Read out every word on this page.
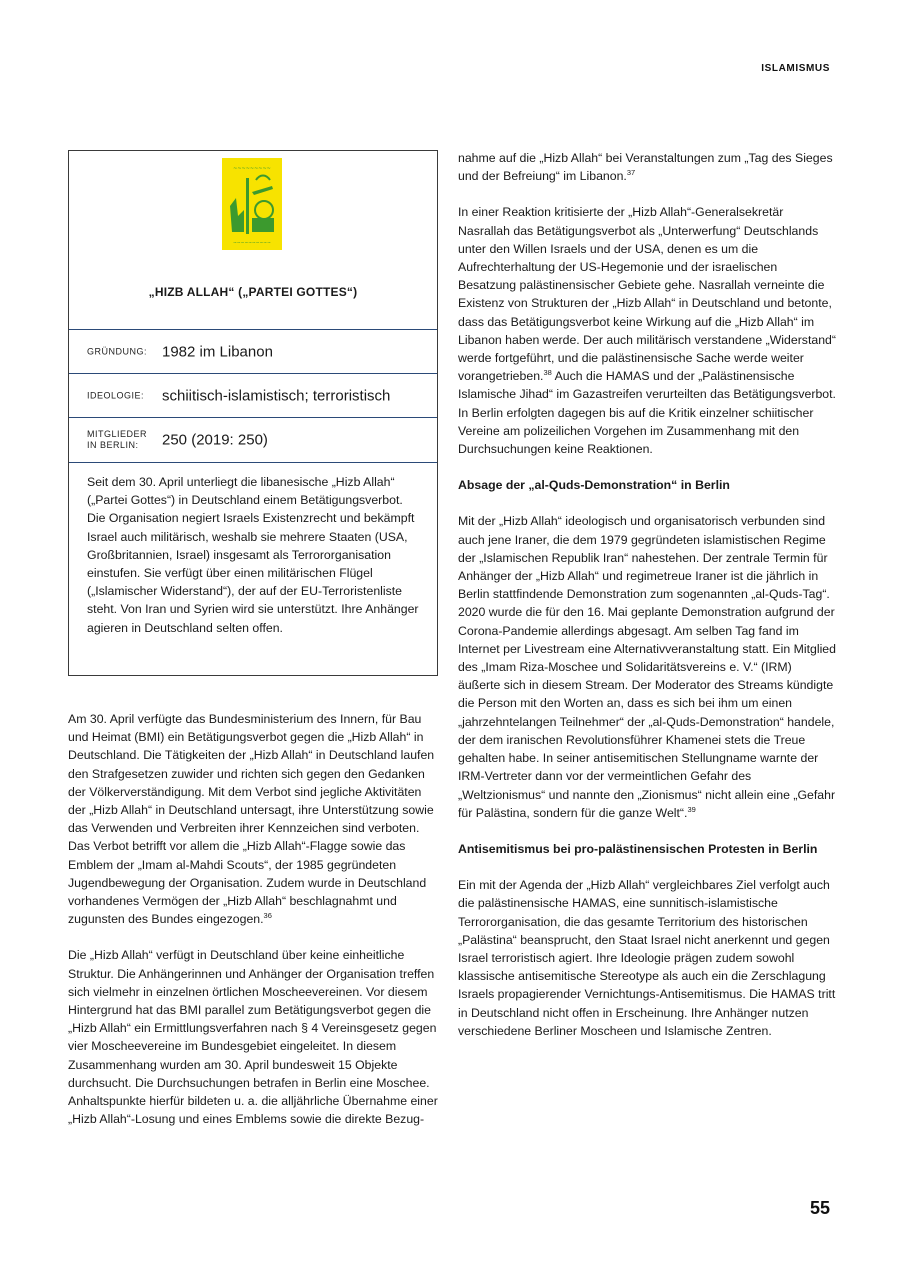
ISLAMISMUS
~~~~~~~~~
~~~~~~~~~~
„HIZB ALLAH“ („PARTEI GOTTES“)
GRÜNDUNG:	1982 im Libanon
IDEOLOGIE:	schiitisch-islamistisch; terroristisch
MITGLIEDER
IN BERLIN:	250 (2019: 250)
Seit dem 30. April unterliegt die libanesische „Hizb Allah“ („Partei Gottes“) in Deutschland einem Betätigungsverbot. Die Organisation negiert Israels Existenzrecht und bekämpft Israel auch militärisch, weshalb sie mehrere Staaten (USA, Großbritannien, Israel) insgesamt als Terrororganisation einstufen. Sie verfügt über einen militärischen Flügel („Islamischer Widerstand“), der auf der EU-Terroristenliste steht. Von Iran und Syrien wird sie unterstützt. Ihre Anhänger agieren in Deutschland selten offen.

Am 30. April verfügte das Bundesministerium des Innern, für Bau und Heimat (BMI) ein Betätigungsverbot gegen die „Hizb Allah“ in Deutschland. Die Tätigkeiten der „Hizb Allah“ in Deutschland laufen den Strafgesetzen zuwider und richten sich gegen den Gedanken der Völkerverständigung. Mit dem Verbot sind jegliche Aktivitäten der „Hizb Allah“ in Deutschland untersagt, ihre Unterstützung sowie das Verwenden und Verbreiten ihrer Kennzeichen sind verboten. Das Verbot betrifft vor allem die „Hizb Allah“-Flagge sowie das Emblem der „Imam al-Mahdi Scouts“, der 1985 gegründeten Jugendbewegung der Organisation. Zudem wurde in Deutschland vorhandenes Vermögen der „Hizb Allah“ beschlagnahmt und zugunsten des Bundes eingezogen.$^{36}$

Die „Hizb Allah“ verfügt in Deutschland über keine einheitliche Struktur. Die Anhängerinnen und Anhänger der Organisation treffen sich vielmehr in einzelnen örtlichen Moscheevereinen. Vor diesem Hintergrund hat das BMI parallel zum Betätigungsverbot gegen die „Hizb Allah“ ein Ermittlungsverfahren nach § 4 Vereinsgesetz gegen vier Moscheevereine im Bundesgebiet eingeleitet. In diesem Zusammenhang wurden am 30. April bundesweit 15 Objekte durchsucht. Die Durchsuchungen betrafen in Berlin eine Moschee. Anhaltspunkte hierfür bildeten u. a. die alljährliche Übernahme einer „Hizb Allah“-Losung und eines Emblems sowie die direkte Bezug-

nahme auf die „Hizb Allah“ bei Veranstaltungen zum „Tag des Sieges und der Befreiung“ im Libanon.$^{37}$

In einer Reaktion kritisierte der „Hizb Allah“-Generalsekretär Nasrallah das Betätigungsverbot als „Unterwerfung“ Deutschlands unter den Willen Israels und der USA, denen es um die Aufrechterhaltung der US-Hegemonie und der israelischen Besatzung palästinensischer Gebiete gehe. Nasrallah verneinte die Existenz von Strukturen der „Hizb Allah“ in Deutschland und betonte, dass das Betätigungsverbot keine Wirkung auf die „Hizb Allah“ im Libanon haben werde. Der auch militärisch verstandene „Widerstand“ werde fortgeführt, und die palästinensische Sache werde weiter vorangetrieben.$^{38}$ Auch die HAMAS und der „Palästinensische Islamische Jihad“ im Gazastreifen verurteilten das Betätigungsverbot. In Berlin erfolgten dagegen bis auf die Kritik einzelner schiitischer Vereine am polizeilichen Vorgehen im Zusammenhang mit den Durchsuchungen keine Reaktionen.

Absage der „al-Quds-Demonstration“ in Berlin

Mit der „Hizb Allah“ ideologisch und organisatorisch verbunden sind auch jene Iraner, die dem 1979 gegründeten islamistischen Regime der „Islamischen Republik Iran“ nahestehen. Der zentrale Termin für Anhänger der „Hizb Allah“ und regimetreue Iraner ist die jährlich in Berlin stattfindende Demonstration zum sogenannten „al-Quds-Tag“. 2020 wurde die für den 16. Mai geplante Demonstration aufgrund der Corona-Pandemie allerdings abgesagt. Am selben Tag fand im Internet per Livestream eine Alternativveranstaltung statt. Ein Mitglied des „Imam Riza-Moschee und Solidaritätsvereins e. V.“ (IRM) äußerte sich in diesem Stream. Der Moderator des Streams kündigte die Person mit den Worten an, dass es sich bei ihm um einen „jahrzehntelangen Teilnehmer“ der „al-Quds-Demonstration“ handele, der dem iranischen Revolutionsführer Khamenei stets die Treue gehalten habe. In seiner antisemitischen Stellungname warnte der IRM-Vertreter dann vor der vermeintlichen Gefahr des „Weltzionismus“ und nannte den „Zionismus“ nicht allein eine „Gefahr für Palästina, sondern für die ganze Welt“.$^{39}$

Antisemitismus bei pro-palästinensischen Protesten in Berlin

Ein mit der Agenda der „Hizb Allah“ vergleichbares Ziel verfolgt auch die palästinensische HAMAS, eine sunnitisch-islamistische Terrororganisation, die das gesamte Territorium des historischen „Palästina“ beansprucht, den Staat Israel nicht anerkennt und gegen Israel terroristisch agiert. Ihre Ideologie prägen zudem sowohl klassische antisemitische Stereotype als auch ein die Zerschlagung Israels propagierender Vernichtungs-Antisemitismus. Die HAMAS tritt in Deutschland nicht offen in Erscheinung. Ihre Anhänger nutzen verschiedene Berliner Moscheen und Islamische Zentren.

55
